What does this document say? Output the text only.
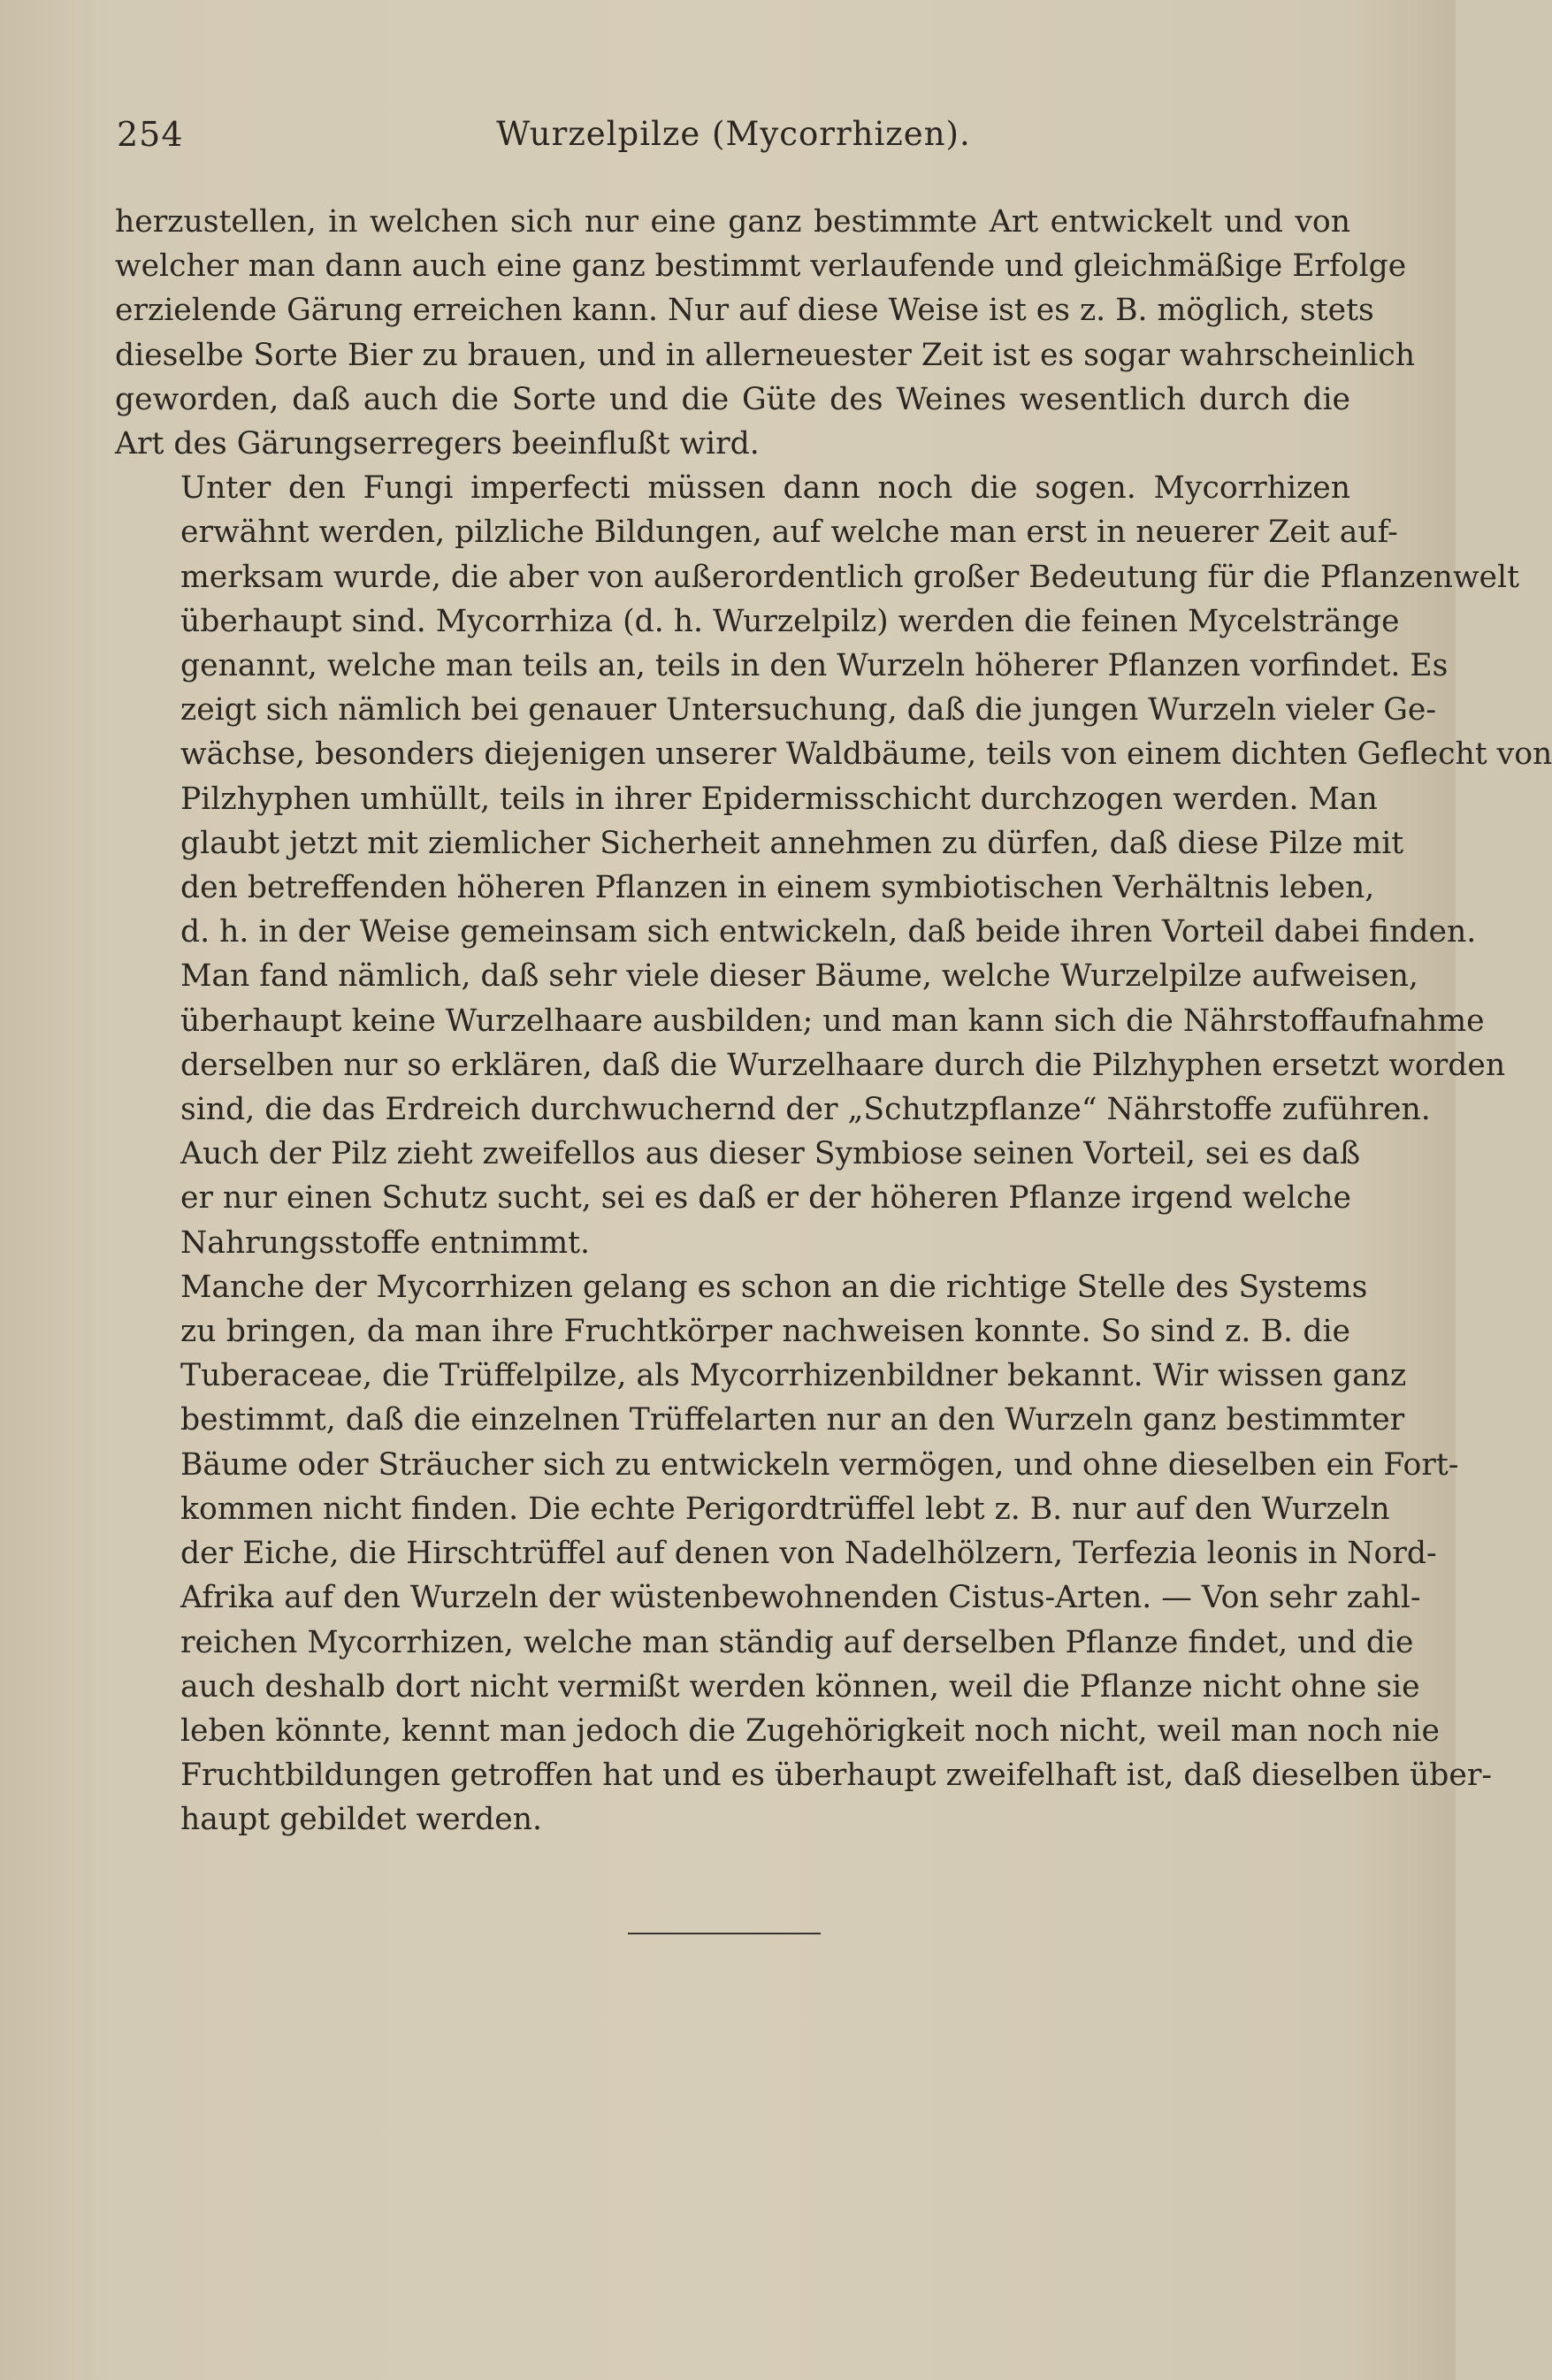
254	Wurzelpilze (Mycorrhizen).
herzustellen, in welchen sich nur eine ganz bestimmte Art entwickelt und von
welcher man dann auch eine ganz bestimmt verlaufende und gleichmäßige Erfolge
erzielende Gärung erreichen kann. Nur auf diese Weise ist es z. B. möglich, stets
dieselbe Sorte Bier zu brauen, und in allerneuester Zeit ist es sogar wahrscheinlich
geworden, daß auch die Sorte und die Güte des Weines wesentlich durch die
Art des Gärungserregers beeinflußt wird.
Unter den Fungi imperfecti müssen dann noch die sogen. Mycorrhizen
erwähnt werden, pilzliche Bildungen, auf welche man erst in neuerer Zeit auf-
merksam wurde, die aber von außerordentlich großer Bedeutung für die Pflanzenwelt
überhaupt sind. Mycorrhiza (d. h. Wurzelpilz) werden die feinen Mycelstränge
genannt, welche man teils an, teils in den Wurzeln höherer Pflanzen vorfindet. Es
zeigt sich nämlich bei genauer Untersuchung, daß die jungen Wurzeln vieler Ge-
wächse, besonders diejenigen unserer Waldbäume, teils von einem dichten Geflecht von
Pilzhyphen umhüllt, teils in ihrer Epidermisschicht durchzogen werden. Man
glaubt jetzt mit ziemlicher Sicherheit annehmen zu dürfen, daß diese Pilze mit
den betreffenden höheren Pflanzen in einem symbiotischen Verhältnis leben,
d. h. in der Weise gemeinsam sich entwickeln, daß beide ihren Vorteil dabei finden.
Man fand nämlich, daß sehr viele dieser Bäume, welche Wurzelpilze aufweisen,
überhaupt keine Wurzelhaare ausbilden; und man kann sich die Nährstoffaufnahme
derselben nur so erklären, daß die Wurzelhaare durch die Pilzhyphen ersetzt worden
sind, die das Erdreich durchwuchernd der „Schutzpflanze“ Nährstoffe zuführen.
Auch der Pilz zieht zweifellos aus dieser Symbiose seinen Vorteil, sei es daß
er nur einen Schutz sucht, sei es daß er der höheren Pflanze irgend welche
Nahrungsstoffe entnimmt.
Manche der Mycorrhizen gelang es schon an die richtige Stelle des Systems
zu bringen, da man ihre Fruchtkörper nachweisen konnte. So sind z. B. die
Tuberaceae, die Trüffelpilze, als Mycorrhizenbildner bekannt. Wir wissen ganz
bestimmt, daß die einzelnen Trüffelarten nur an den Wurzeln ganz bestimmter
Bäume oder Sträucher sich zu entwickeln vermögen, und ohne dieselben ein Fort-
kommen nicht finden. Die echte Perigordtrüffel lebt z. B. nur auf den Wurzeln
der Eiche, die Hirschtrüffel auf denen von Nadelhölzern, Terfezia leonis in Nord-
Afrika auf den Wurzeln der wüstenbewohnenden Cistus-Arten. — Von sehr zahl-
reichen Mycorrhizen, welche man ständig auf derselben Pflanze findet, und die
auch deshalb dort nicht vermißt werden können, weil die Pflanze nicht ohne sie
leben könnte, kennt man jedoch die Zugehörigkeit noch nicht, weil man noch nie
Fruchtbildungen getroffen hat und es überhaupt zweifelhaft ist, daß dieselben über-
haupt gebildet werden.
